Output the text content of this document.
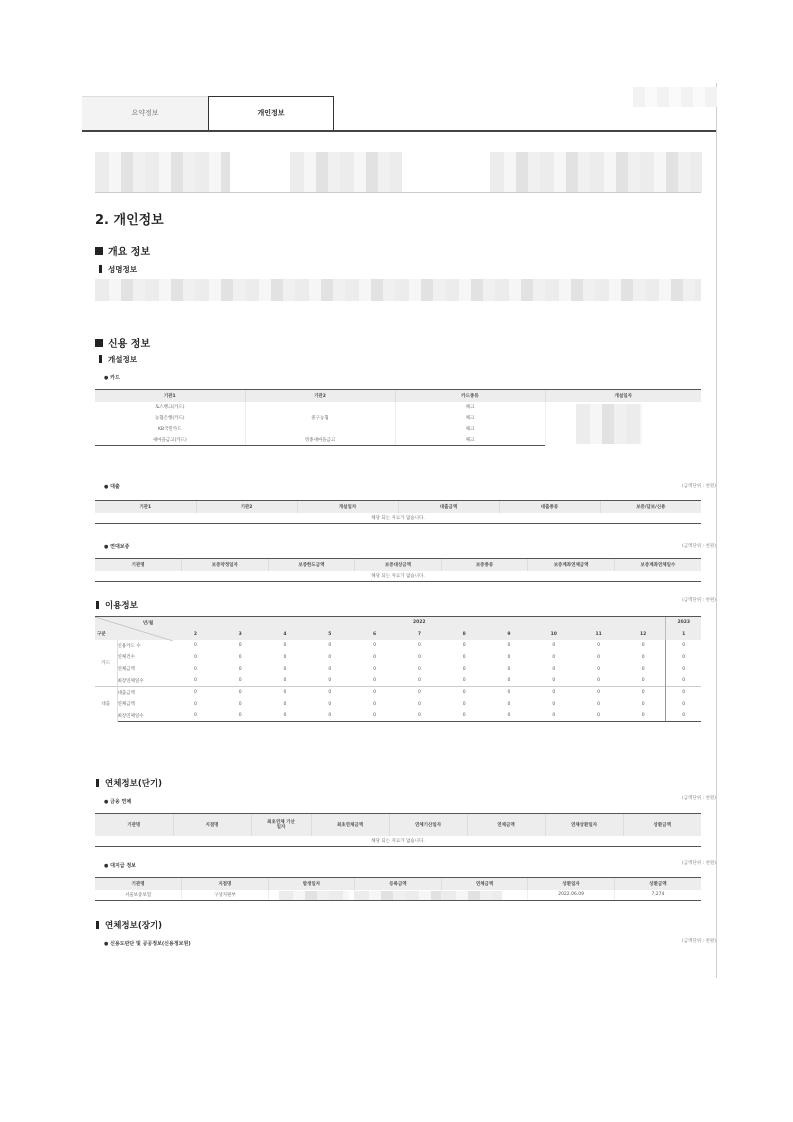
요약정보	개인정보
2. 개인정보
개요 정보
성명정보
신용 정보
개설정보
● 카드
기관1	기관2	카드종류	개설일자
토스뱅크(카드)		체크	

농협은행(카드)	중구농협	체크	
KB국민카드		체크	
새마을금고(카드)	영종새마을금고	체크	
● 대출	(금액단위 : 천원)
기관1	기관2	개설일자	대출금액	대출종류	보증/담보/신용
해당 되는 자료가 없습니다.
● 연대보증	(금액단위 : 천원)
기관명	보증약정일자	보증한도금액	보증대상금액	보증종류	보증계좌연체금액	보증계좌연체일수
해당 되는 자료가 없습니다.
이용정보
(금액단위 : 천원)
년/월		2022											2023
구분		2	3	4	5	6	7	8	9	10	11	12	1
카드	신용카드 수	0	0	0	0	0	0	0	0	0	0	0	0
	연체건수	0	0	0	0	0	0	0	0	0	0	0	0
	연체금액	0	0	0	0	0	0	0	0	0	0	0	0
	최장연체일수	0	0	0	0	0	0	0	0	0	0	0	0
대출	대출금액	0	0	0	0	0	0	0	0	0	0	0	0
	연체금액	0	0	0	0	0	0	0	0	0	0	0	0
	최장연체일수	0	0	0	0	0	0	0	0	0	0	0	0
연체정보(단기)
● 금융 연체
(금액단위 : 천원)
기관명	지점명	최초연체 기산일자	최초연체금액	연체기산일자	연체금액	연체상환일자	상환금액
해당 되는 자료가 없습니다.
● 대지급 정보	(금액단위 : 천원)
기관명	지점명	발생일자	등록금액	연체금액	상환일자	상환금액
서울보증보험	구상지원부				2022.06.09	7,274
연체정보(장기)
● 신용도판단 및 공공정보(신용정보원)	(금액단위 : 천원)
